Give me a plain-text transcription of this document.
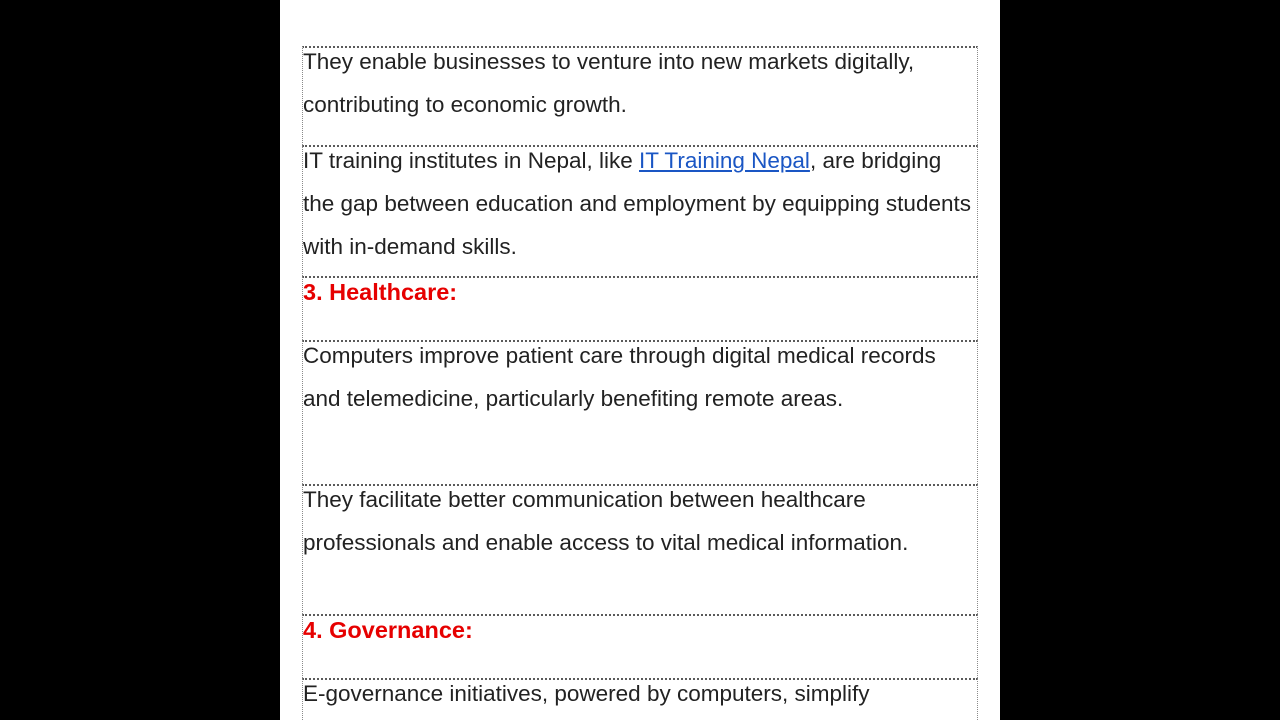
They enable businesses to venture into new markets digitally, contributing to economic growth.

IT training institutes in Nepal, like IT Training Nepal, are bridging the gap between education and employment by equipping students with in-demand skills.

3. Healthcare:

Computers improve patient care through digital medical records and telemedicine, particularly benefiting remote areas.

They facilitate better communication between healthcare professionals and enable access to vital medical information.

4. Governance:

E-governance initiatives, powered by computers, simplify
